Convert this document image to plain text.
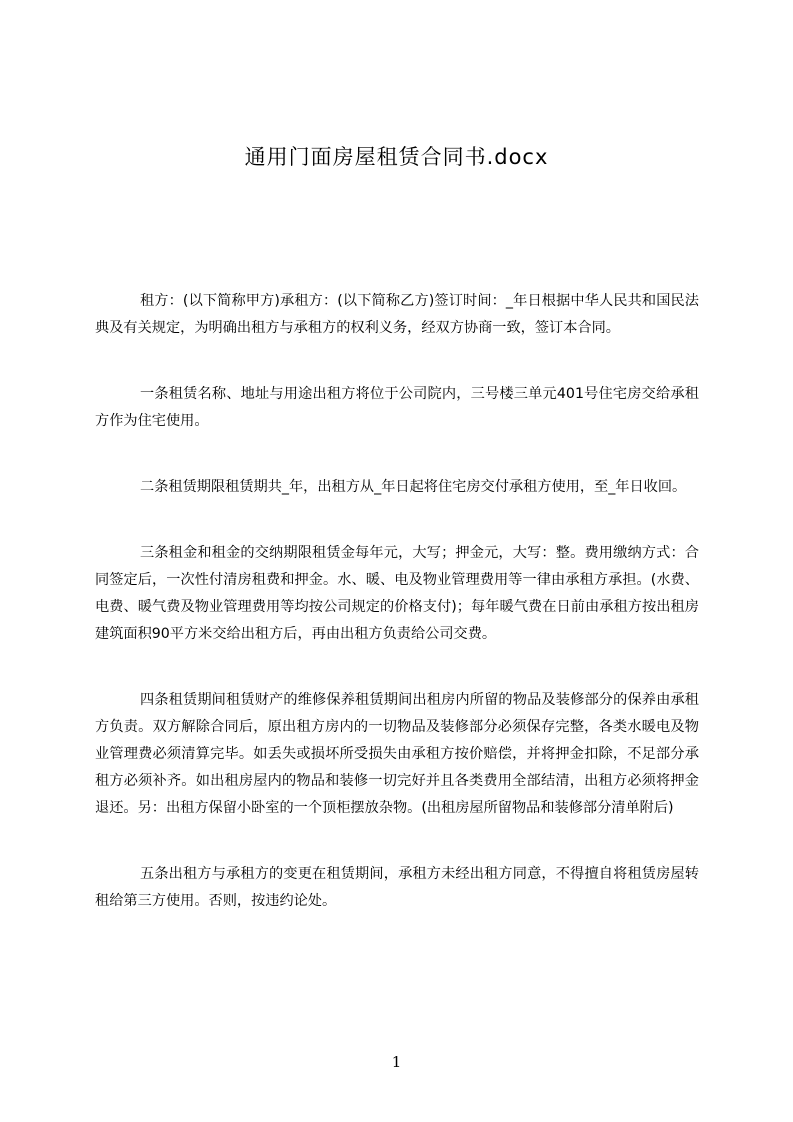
通用门面房屋租赁合同书.docx

租方：(以下简称甲方)承租方：(以下简称乙方)签订时间：_年日根据中华人民共和国民法典及有关规定，为明确出租方与承租方的权利义务，经双方协商一致，签订本合同。

一条租赁名称、地址与用途出租方将位于公司院内，三号楼三单元401号住宅房交给承租方作为住宅使用。

二条租赁期限租赁期共_年，出租方从_年日起将住宅房交付承租方使用，至_年日收回。

三条租金和租金的交纳期限租赁金每年元，大写；押金元，大写：整。费用缴纳方式：合同签定后，一次性付清房租费和押金。水、暖、电及物业管理费用等一律由承租方承担。(水费、电费、暖气费及物业管理费用等均按公司规定的价格支付)；每年暖气费在日前由承租方按出租房建筑面积90平方米交给出租方后，再由出租方负责给公司交费。

四条租赁期间租赁财产的维修保养租赁期间出租房内所留的物品及装修部分的保养由承租方负责。双方解除合同后，原出租方房内的一切物品及装修部分必须保存完整，各类水暖电及物业管理费必须清算完毕。如丢失或损坏所受损失由承租方按价赔偿，并将押金扣除，不足部分承租方必须补齐。如出租房屋内的物品和装修一切完好并且各类费用全部结清，出租方必须将押金退还。另：出租方保留小卧室的一个顶柜摆放杂物。(出租房屋所留物品和装修部分清单附后)

五条出租方与承租方的变更在租赁期间，承租方未经出租方同意，不得擅自将租赁房屋转租给第三方使用。否则，按违约论处。

1
